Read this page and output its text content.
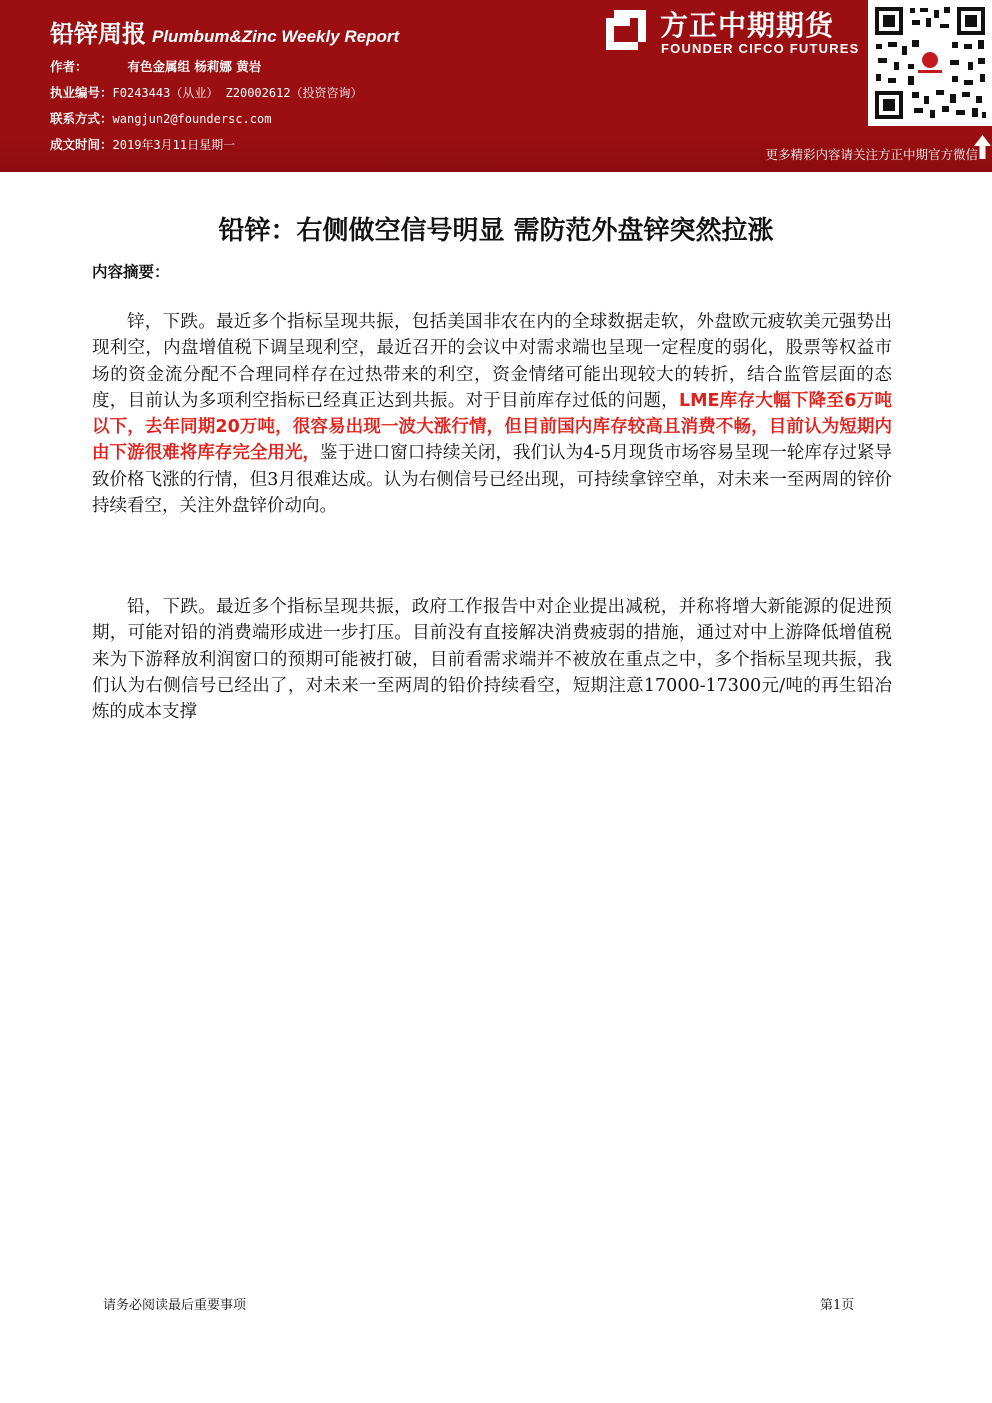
铅锌周报 Plumbum&Zinc Weekly Report
作者：	有色金属组 杨莉娜 黄岩
执业编号：F0243443（从业） Z20002612（投资咨询）
联系方式：wangjun2@foundersc.com
成文时间：2019年3月11日星期一
方正中期期货
FOUNDER CIFCO FUTURES
更多精彩内容请关注方正中期官方微信
铅锌：右侧做空信号明显 需防范外盘锌突然拉涨
内容摘要：

锌，下跌。最近多个指标呈现共振，包括美国非农在内的全球数据走软，外盘欧元疲软美元强势出现利空，内盘增值税下调呈现利空，最近召开的会议中对需求端也呈现一定程度的弱化，股票等权益市场的资金流分配不合理同样存在过热带来的利空，资金情绪可能出现较大的转折，结合监管层面的态度，目前认为多项利空指标已经真正达到共振。对于目前库存过低的问题，LME库存大幅下降至6万吨以下，去年同期20万吨，很容易出现一波大涨行情，但目前国内库存较高且消费不畅，目前认为短期内由下游很难将库存完全用光，鉴于进口窗口持续关闭，我们认为4-5月现货市场容易呈现一轮库存过紧导致价格飞涨的行情，但3月很难达成。认为右侧信号已经出现，可持续拿锌空单，对未来一至两周的锌价持续看空，关注外盘锌价动向。

铅，下跌。最近多个指标呈现共振，政府工作报告中对企业提出减税，并称将增大新能源的促进预期，可能对铅的消费端形成进一步打压。目前没有直接解决消费疲弱的措施，通过对中上游降低增值税来为下游释放利润窗口的预期可能被打破，目前看需求端并不被放在重点之中，多个指标呈现共振，我们认为右侧信号已经出了，对未来一至两周的铅价持续看空，短期注意17000-17300元/吨的再生铅冶炼的成本支撑

请务必阅读最后重要事项	第1页
